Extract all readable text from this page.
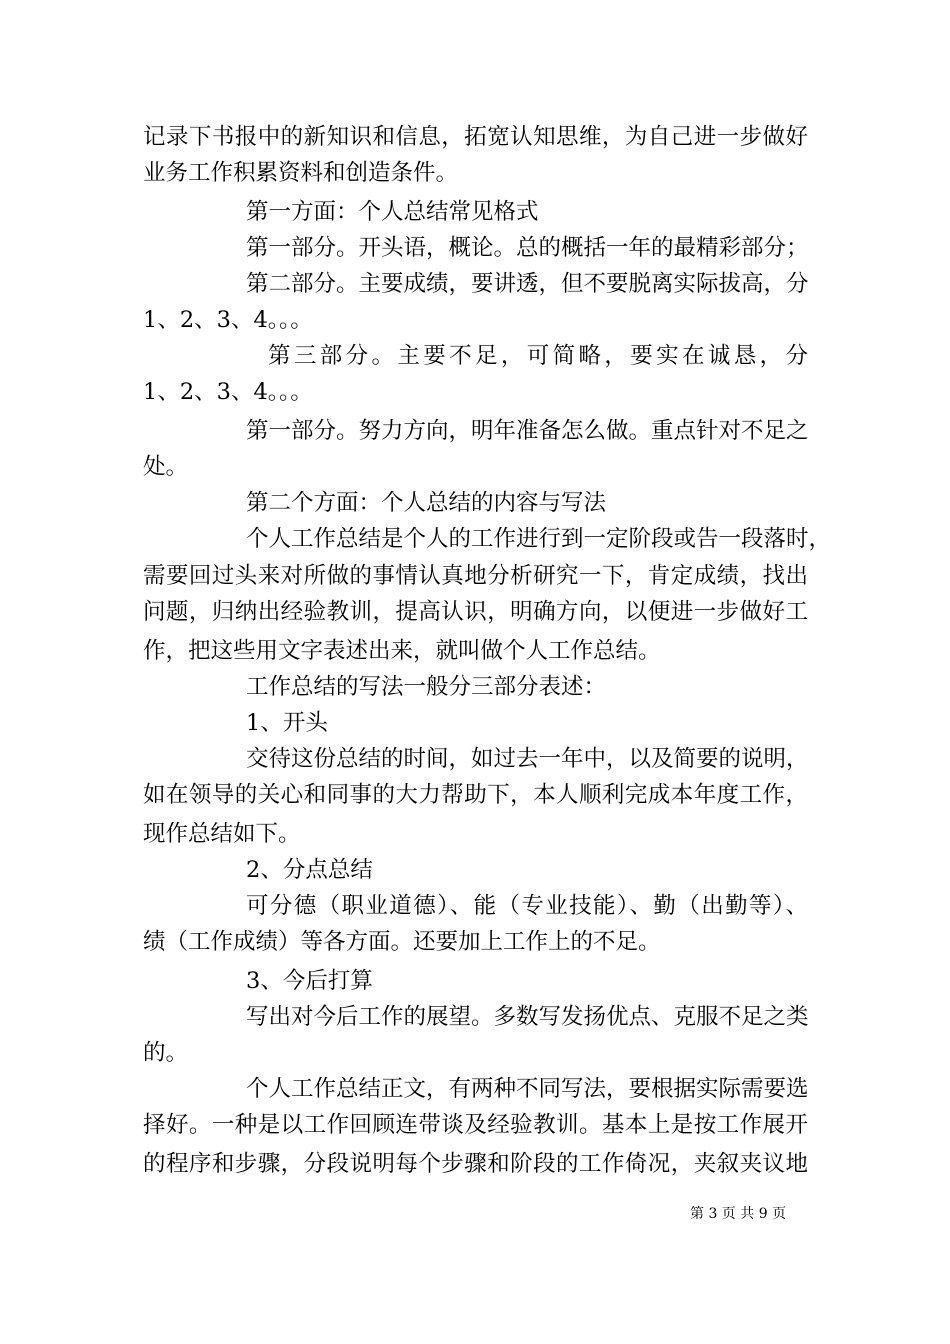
记录下书报中的新知识和信息，拓宽认知思维，为自己进一步做好
业务工作积累资料和创造条件。
第一方面：个人总结常见格式
第一部分。开头语，概论。总的概括一年的最精彩部分；
第二部分。主要成绩，要讲透，但不要脱离实际拔高，分
1、2、3、4。。。
第三部分。主要不足，可简略，要实在诚恳，分
1、2、3、4。。。
第一部分。努力方向，明年准备怎么做。重点针对不足之
处。
第二个方面：个人总结的内容与写法
个人工作总结是个人的工作进行到一定阶段或告一段落时，
需要回过头来对所做的事情认真地分析研究一下，肯定成绩，找出
问题，归纳出经验教训，提高认识，明确方向，以便进一步做好工
作，把这些用文字表述出来，就叫做个人工作总结。
工作总结的写法一般分三部分表述：
1、开头
交待这份总结的时间，如过去一年中，以及简要的说明，
如在领导的关心和同事的大力帮助下，本人顺利完成本年度工作，
现作总结如下。
2、分点总结
可分德（职业道德）、能（专业技能）、勤（出勤等）、
绩（工作成绩）等各方面。还要加上工作上的不足。
3、今后打算
写出对今后工作的展望。多数写发扬优点、克服不足之类
的。
个人工作总结正文，有两种不同写法，要根据实际需要选
择好。一种是以工作回顾连带谈及经验教训。基本上是按工作展开
的程序和步骤，分段说明每个步骤和阶段的工作倚况，夹叙夹议地
第 3 页 共 9 页
